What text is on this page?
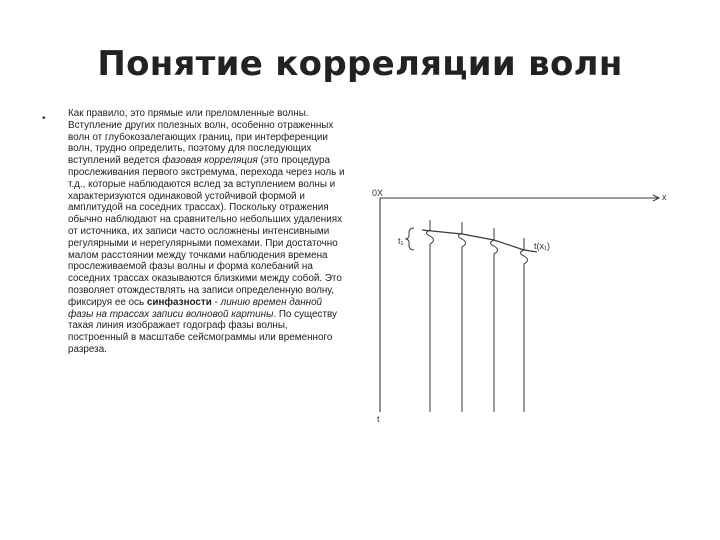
Понятие корреляции волн
• Как правило, это прямые или преломленные волны. Вступление других полезных волн, особенно отраженных волн от глубокозалегающих границ, при интерференции волн, трудно определить, поэтому для последующих вступлений ведется фазовая корреляция (это процедура прослеживания первого экстремума, перехода через ноль и т.д., которые наблюдаются вслед за вступлением волны и характеризуются одинаковой устойчивой формой и амплитудой на соседних трассах). Поскольку отражения обычно наблюдают на сравнительно небольших удалениях от источника, их записи часто осложнены интенсивными регулярными и нерегулярными помехами. При достаточно малом расстоянии между точками наблюдения времена прослеживаемой фазы волны и форма колебаний на соседних трассах оказываются близкими между собой. Это позволяет отождествлять на записи определенную волну, фиксируя ее ось синфазности - линию времен данной фазы на трассах записи волновой картины. По существу такая линия изображает годограф фазы волны, построенный в масштабе сейсмограммы или временного разреза.
0X	x
t
t₁	t(x₁)
